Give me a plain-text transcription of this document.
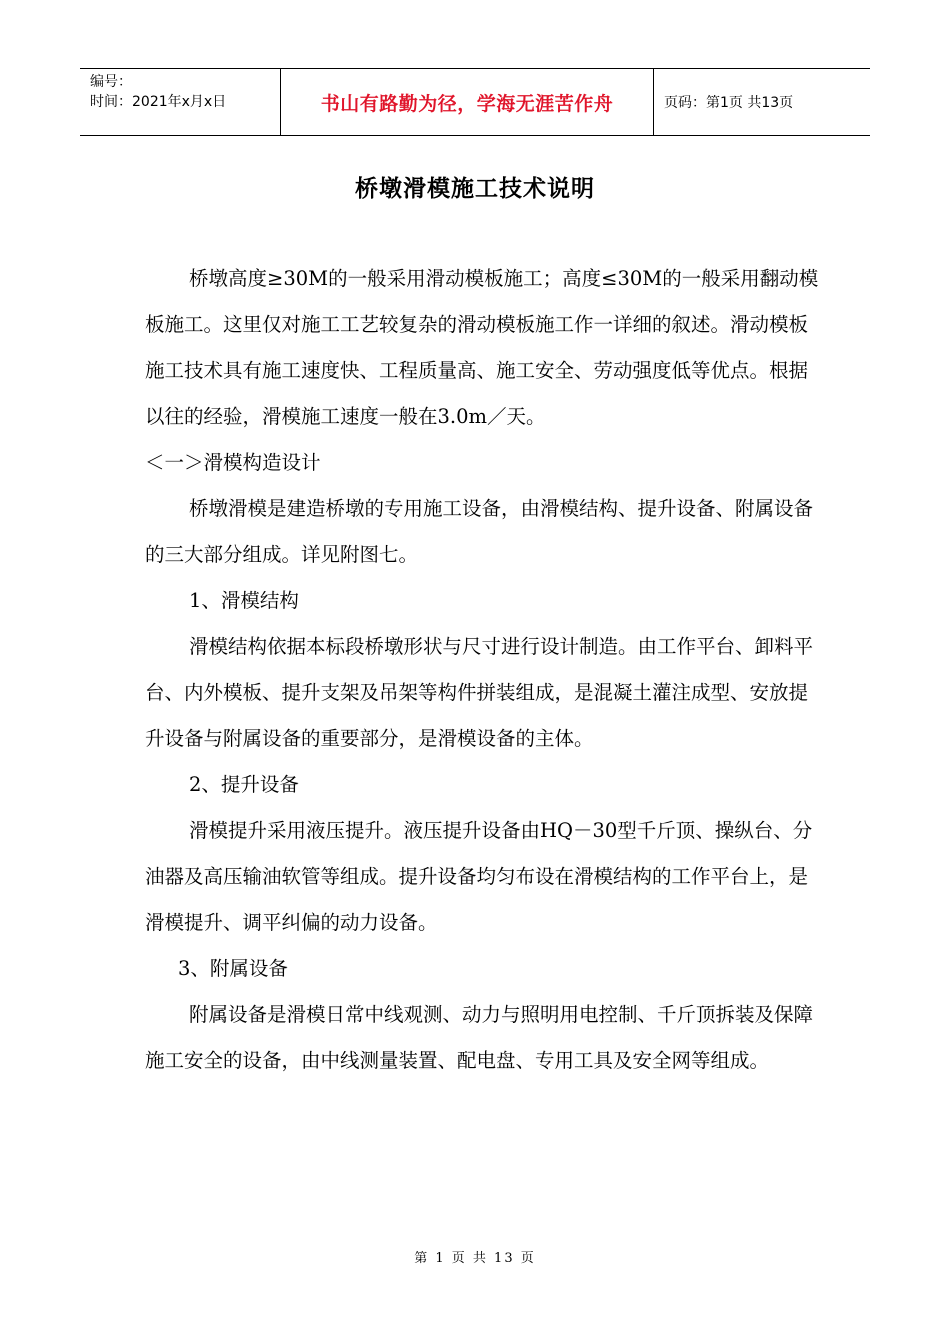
编号：
时间：2021年x月x日	书山有路勤为径，学海无涯苦作舟	页码：第1页 共13页
桥墩滑模施工技术说明

桥墩高度≥30M的一般采用滑动模板施工；高度≤30M的一般采用翻动模板施工。这里仅对施工工艺较复杂的滑动模板施工作一详细的叙述。滑动模板施工技术具有施工速度快、工程质量高、施工安全、劳动强度低等优点。根据以往的经验，滑模施工速度一般在3.0m／天。

＜一＞滑模构造设计

桥墩滑模是建造桥墩的专用施工设备，由滑模结构、提升设备、附属设备的三大部分组成。详见附图七。

1、滑模结构

滑模结构依据本标段桥墩形状与尺寸进行设计制造。由工作平台、卸料平台、内外模板、提升支架及吊架等构件拼装组成，是混凝土灌注成型、安放提升设备与附属设备的重要部分，是滑模设备的主体。

2、提升设备

滑模提升采用液压提升。液压提升设备由HQ－30型千斤顶、操纵台、分油器及高压输油软管等组成。提升设备均匀布设在滑模结构的工作平台上，是滑模提升、调平纠偏的动力设备。

3、附属设备

附属设备是滑模日常中线观测、动力与照明用电控制、千斤顶拆装及保障施工安全的设备，由中线测量装置、配电盘、专用工具及安全网等组成。

第 1 页 共 13 页
